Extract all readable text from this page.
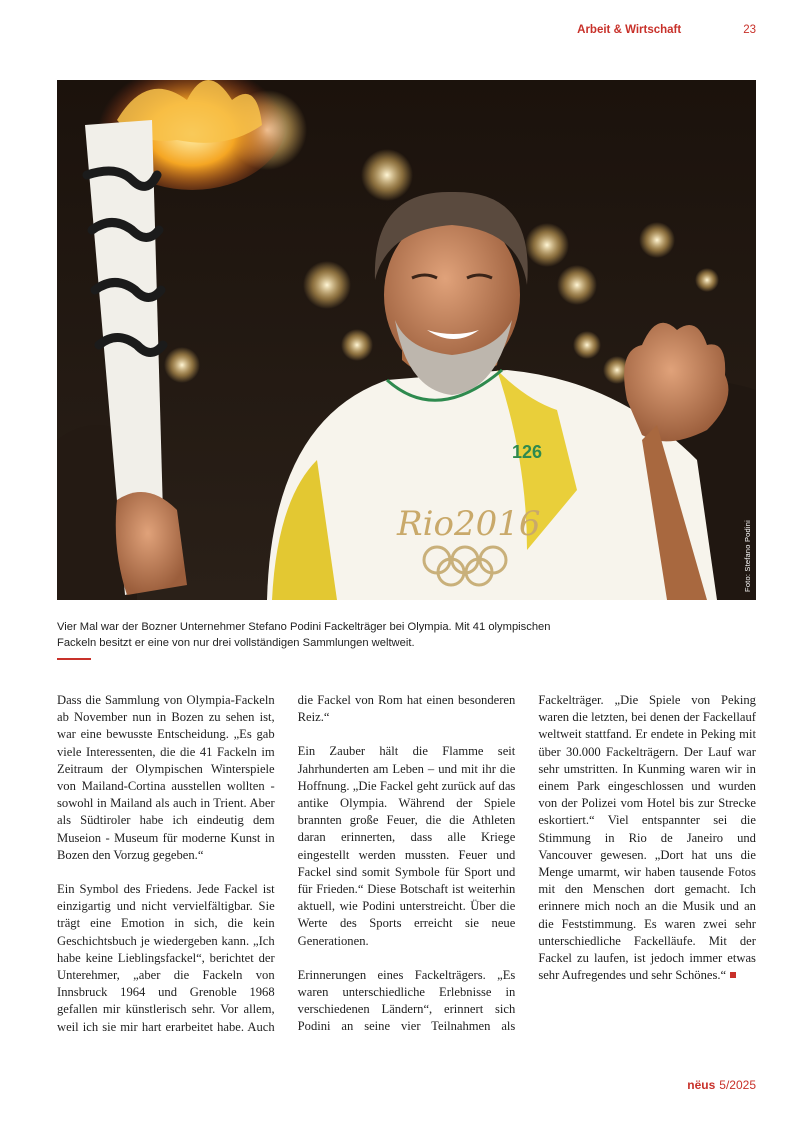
Arbeit & Wirtschaft	23
126
Rio2016	Foto: Stefano Podini
Vier Mal war der Bozner Unternehmer Stefano Podini Fackelträger bei Olympia. Mit 41 olympischen Fackeln besitzt er eine von nur drei vollständigen Sammlungen weltweit.
nëus 5/2025

Dass die Sammlung von Olympia-Fackeln ab November nun in Bozen zu sehen ist, war eine bewusste Entscheidung. „Es gab viele Interessenten, die die 41 Fackeln im Zeitraum der Olympischen Winterspiele von Mailand-Cortina ausstellen wollten - sowohl in Mailand als auch in Trient. Aber als Südtiroler habe ich eindeutig dem Museion - Museum für moderne Kunst in Bozen den Vorzug gegeben.“

Ein Symbol des Friedens. Jede Fackel ist einzigartig und nicht vervielfältigbar. Sie trägt eine Emotion in sich, die kein Geschichtsbuch je wiedergeben kann. „Ich habe keine Lieblingsfackel“, berichtet der Unterehmer, „aber die Fackeln von Innsbruck 1964 und Grenoble 1968 gefallen mir künstlerisch sehr. Vor allem, weil ich sie mir hart erarbeitet habe. Auch die Fackel von Rom hat einen besonderen Reiz.“

Ein Zauber hält die Flamme seit Jahrhunderten am Leben – und mit ihr die Hoffnung. „Die Fackel geht zurück auf das antike Olympia. Während der Spiele brannten große Feuer, die die Athleten daran erinnerten, dass alle Kriege eingestellt werden mussten. Feuer und Fackel sind somit Symbole für Sport und für Frieden.“ Diese Botschaft ist weiterhin aktuell, wie Podini unterstreicht. Über die Werte des Sports erreicht sie neue Generationen.

Erinnerungen eines Fackelträgers. „Es waren unterschiedliche Erlebnisse in verschiedenen Ländern“, erinnert sich Podini an seine vier Teilnahmen als Fackelträger. „Die Spiele von Peking waren die letzten, bei denen der Fackellauf weltweit stattfand. Er endete in Peking mit über 30.000 Fackelträgern. Der Lauf war sehr umstritten. In Kunming waren wir in einem Park eingeschlossen und wurden von der Polizei vom Hotel bis zur Strecke eskortiert.“ Viel entspannter sei die Stimmung in Rio de Janeiro und Vancouver gewesen. „Dort hat uns die Menge umarmt, wir haben tausende Fotos mit den Menschen dort gemacht. Ich erinnere mich noch an die Musik und an die Feststimmung. Es waren zwei sehr unterschiedliche Fackelläufe. Mit der Fackel zu laufen, ist jedoch immer etwas sehr Aufregendes und sehr Schönes.“
